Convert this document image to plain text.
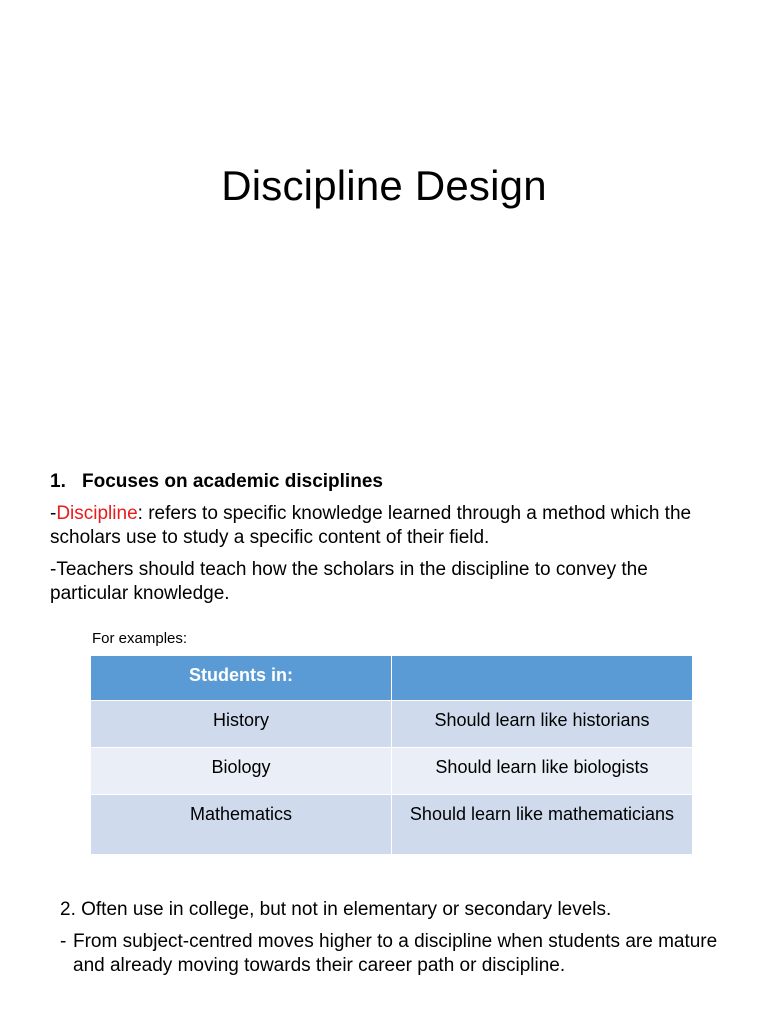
Discipline Design
1. Focuses on academic disciplines
-Discipline: refers to specific knowledge learned through a method which the scholars use to study a specific content of their field.
-Teachers should teach how the scholars in the discipline to convey the particular knowledge.
For examples:
Students in:	
History	Should learn like historians
Biology	Should learn like biologists
Mathematics	Should learn like mathematicians
2. Often use in college, but not in elementary or secondary levels.
- From subject-centred moves higher to a discipline when students are mature and already moving towards their career path or discipline.
